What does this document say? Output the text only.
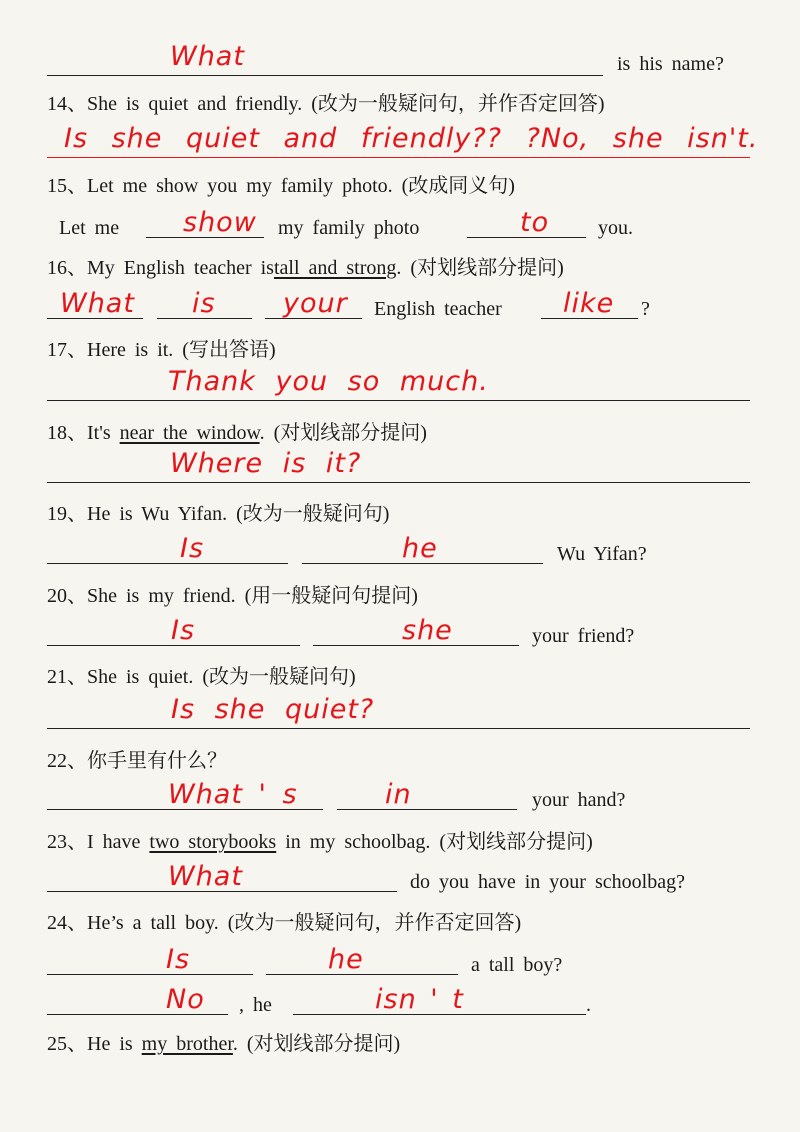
What	is his name?
14、She is quiet and friendly. (改为一般疑问句，并作否定回答)
Is she quiet and friendly?? ?No, she isn't.
15、Let me show you my family photo. (改成同义句)
Let me show my family photo	to you.
16、My English teacher istall and strong. (对划线部分提问)
What is your English teacher like ?
17、Here is it. (写出答语)
Thank you so much.
18、It's near the window. (对划线部分提问)
Where is it?
19、He is Wu Yifan. (改为一般疑问句)
Is	he	Wu Yifan?
20、She is my friend. (用一般疑问句提问)
Is	she	your friend?
21、She is quiet. (改为一般疑问句)
Is she quiet?
22、你手里有什么？
What ' s	in	your hand?
23、I have two storybooks in my schoolbag. (对划线部分提问)
What	do you have in your schoolbag?
24、He’s a tall boy. (改为一般疑问句，并作否定回答)
Is	he	a tall boy?
No , he	isn ' t	.
25、He is my brother. (对划线部分提问)
